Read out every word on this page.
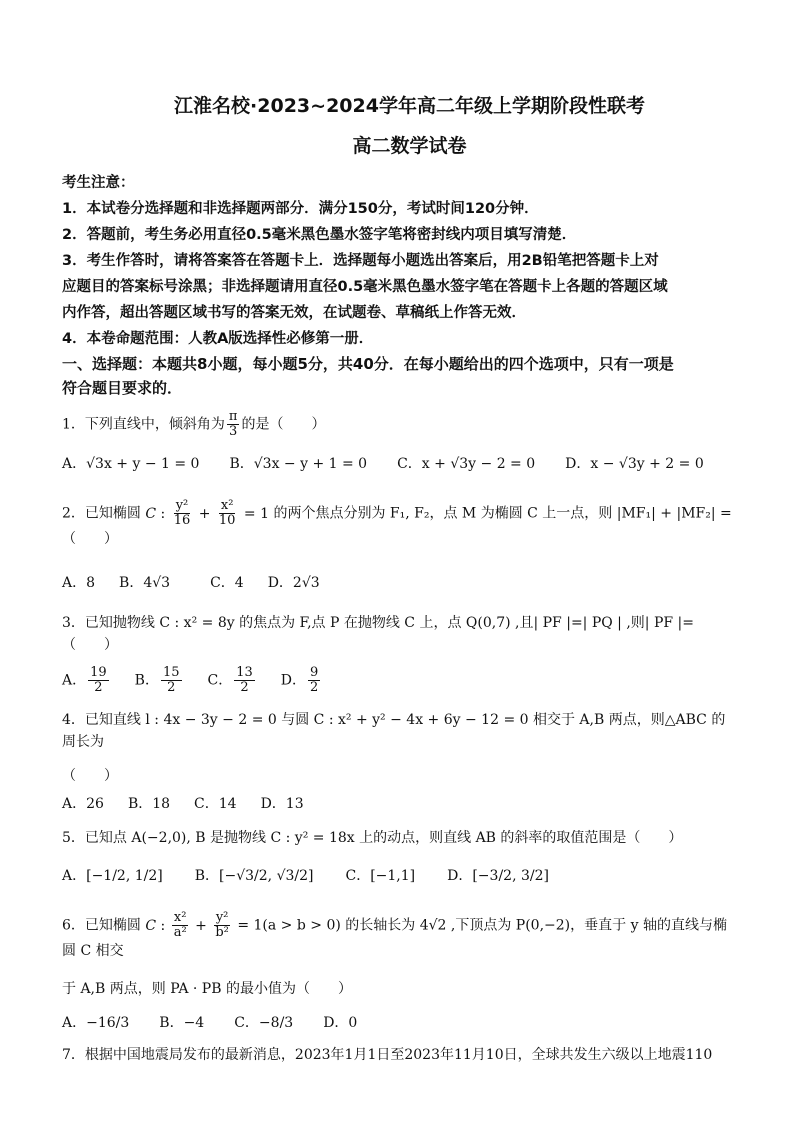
江淮名校·2023~2024学年高二年级上学期阶段性联考
高二数学试卷

考生注意：

1．本试卷分选择题和非选择题两部分．满分150分，考试时间120分钟．

2．答题前，考生务必用直径0.5毫米黑色墨水签字笔将密封线内项目填写清楚．

3．考生作答时，请将答案答在答题卡上．选择题每小题选出答案后，用2B铅笔把答题卡上对

应题目的答案标号涂黑；非选择题请用直径0.5毫米黑色墨水签字笔在答题卡上各题的答题区域

内作答，超出答题区域书写的答案无效，在试题卷、草稿纸上作答无效．

4．本卷命题范围：人教A版选择性必修第一册．

一、选择题：本题共8小题，每小题5分，共40分．在每小题给出的四个选项中，只有一项是

符合题目要求的．

1．下列直线中，倾斜角为 $\frac{\pi}{3}$ 的是（　　）
A．√3x + y − 1 = 0 B．√3x − y + 1 = 0 C．x + √3y − 2 = 0 D．x − √3y + 2 = 0
2．已知椭圆 C : $\frac{\text{y²}}{16} + \frac{\text{x²}}{10} = 1$ 的两个焦点分别为 F₁, F₂，点 M 为椭圆 C 上一点，则 |MF₁| + |MF₂| =（　　）
A．8 B．4√3	C．4 D．2√3
3．已知抛物线 C : x² = 8y 的焦点为 F,点 P 在抛物线 C 上，点 Q(0,7) ,且| PF |=| PQ | ,则| PF |=（　　）
A． $\frac{19}{2}$ B． $\frac{15}{2}$ C． $\frac{13}{2}$ D． $\frac{9}{2}$
4．已知直线 l : 4x − 3y − 2 = 0 与圆 C : x² + y² − 4x + 6y − 12 = 0 相交于 A,B 两点，则△ABC 的周长为
（　　）
A．26 B．18 C．14 D．13
5．已知点 A(−2,0), B 是抛物线 C : y² = 18x 上的动点，则直线 AB 的斜率的取值范围是（　　）
A．[−1/2, 1/2] B．[−√3/2, √3/2] C．[−1,1] D．[−3/2, 3/2]
6．已知椭圆 C : $\frac{\text{x²}}{\text{a²}} + \frac{\text{y²}}{\text{b²}} = 1(a > b > 0)$ 的长轴长为 4√2 ,下顶点为 P(0,−2)，垂直于 y 轴的直线与椭圆 C 相交
于 A,B 两点，则 PA · PB 的最小值为（　　）
A．−16/3 B．−4 C．−8/3 D．0
7．根据中国地震局发布的最新消息，2023年1月1日至2023年11月10日，全球共发生六级以上地震110
